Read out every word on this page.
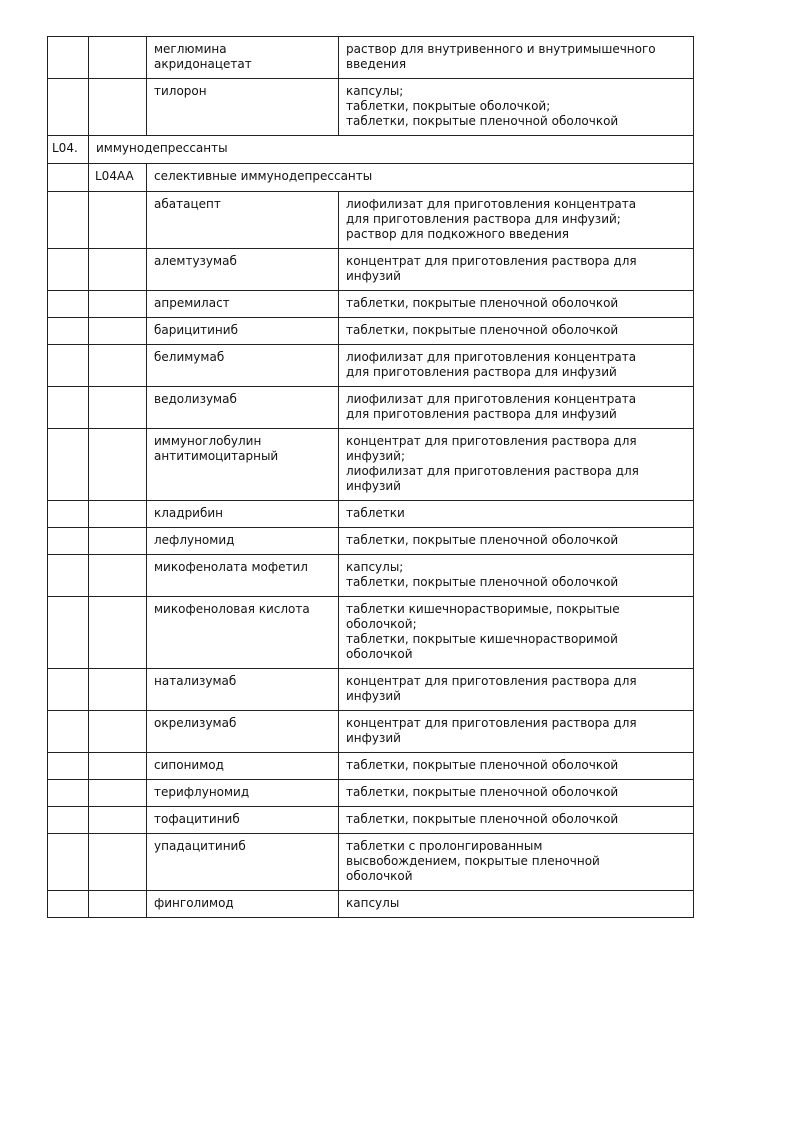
		меглюмина
акридонацетат	раствор для внутривенного и внутримышечного
введения
		тилорон	капсулы;
таблетки, покрытые оболочкой;
таблетки, покрытые пленочной оболочкой
L04.	иммунодепрессанты		
	L04AA	селективные иммунодепрессанты	
		абатацепт	лиофилизат для приготовления концентрата
для приготовления раствора для инфузий;
раствор для подкожного введения
		алемтузумаб	концентрат для приготовления раствора для
инфузий
		апремиласт	таблетки, покрытые пленочной оболочкой
		барицитиниб	таблетки, покрытые пленочной оболочкой
		белимумаб	лиофилизат для приготовления концентрата
для приготовления раствора для инфузий
		ведолизумаб	лиофилизат для приготовления концентрата
для приготовления раствора для инфузий
		иммуноглобулин
антитимоцитарный	концентрат для приготовления раствора для
инфузий;
лиофилизат для приготовления раствора для
инфузий
		кладрибин	таблетки
		лефлуномид	таблетки, покрытые пленочной оболочкой
		микофенолата мофетил	капсулы;
таблетки, покрытые пленочной оболочкой
		микофеноловая кислота	таблетки кишечнорастворимые, покрытые
оболочкой;
таблетки, покрытые кишечнорастворимой
оболочкой
		натализумаб	концентрат для приготовления раствора для
инфузий
		окрелизумаб	концентрат для приготовления раствора для
инфузий
		сипонимод	таблетки, покрытые пленочной оболочкой
		терифлуномид	таблетки, покрытые пленочной оболочкой
		тофацитиниб	таблетки, покрытые пленочной оболочкой
		упадацитиниб	таблетки с пролонгированным
высвобождением, покрытые пленочной
оболочкой
		финголимод	капсулы
